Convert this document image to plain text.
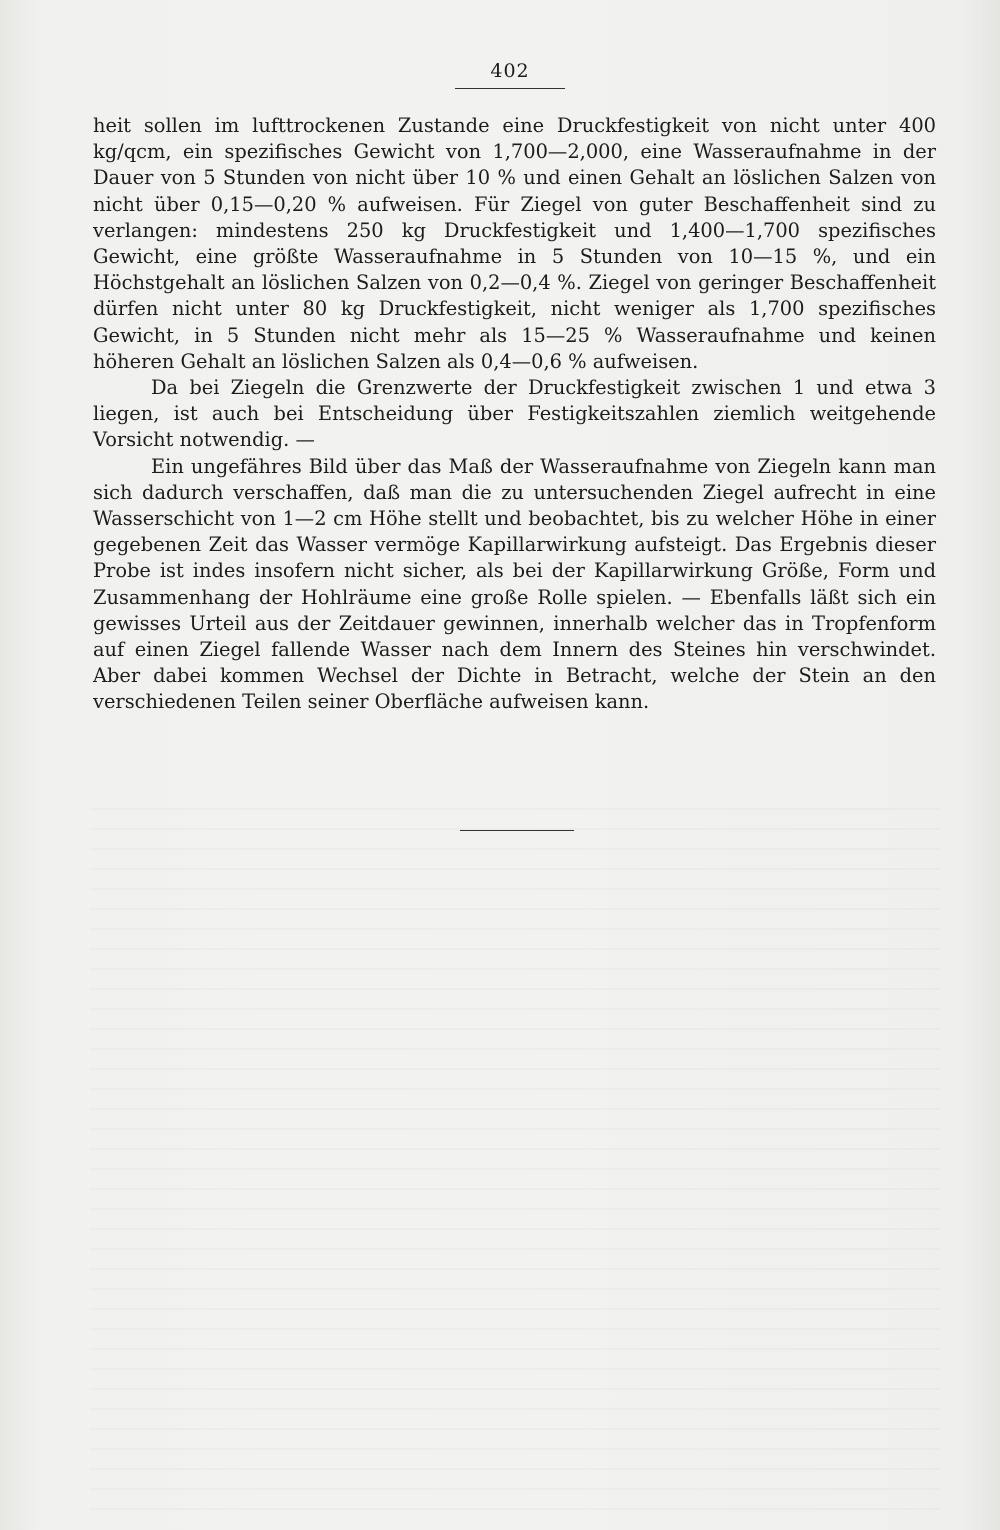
402

heit sollen im lufttrockenen Zustande eine Druckfestigkeit von nicht unter 400 kg/qcm, ein spezifisches Gewicht von 1,700—2,000, eine Wasseraufnahme in der Dauer von 5 Stunden von nicht über 10 % und einen Gehalt an löslichen Salzen von nicht über 0,15—0,20 % aufweisen. Für Ziegel von guter Beschaffenheit sind zu verlangen: mindestens 250 kg Druckfestigkeit und 1,400—1,700 spezifisches Gewicht, eine größte Wasseraufnahme in 5 Stunden von 10—15 %, und ein Höchstgehalt an löslichen Salzen von 0,2—0,4 %. Ziegel von geringer Beschaffenheit dürfen nicht unter 80 kg Druckfestigkeit, nicht weniger als 1,700 spezifisches Gewicht, in 5 Stunden nicht mehr als 15—25 % Wasseraufnahme und keinen höheren Gehalt an löslichen Salzen als 0,4—0,6 % aufweisen.

Da bei Ziegeln die Grenzwerte der Druckfestigkeit zwischen 1 und etwa 3 liegen, ist auch bei Entscheidung über Festigkeitszahlen ziemlich weitgehende Vorsicht notwendig. —

Ein ungefähres Bild über das Maß der Wasseraufnahme von Ziegeln kann man sich dadurch verschaffen, daß man die zu untersuchenden Ziegel aufrecht in eine Wasserschicht von 1—2 cm Höhe stellt und beobachtet, bis zu welcher Höhe in einer gegebenen Zeit das Wasser vermöge Kapillarwirkung aufsteigt. Das Ergebnis dieser Probe ist indes insofern nicht sicher, als bei der Kapillarwirkung Größe, Form und Zusammenhang der Hohlräume eine große Rolle spielen. — Ebenfalls läßt sich ein gewisses Urteil aus der Zeitdauer gewinnen, innerhalb welcher das in Tropfenform auf einen Ziegel fallende Wasser nach dem Innern des Steines hin verschwindet. Aber dabei kommen Wechsel der Dichte in Betracht, welche der Stein an den verschiedenen Teilen seiner Oberfläche aufweisen kann.
